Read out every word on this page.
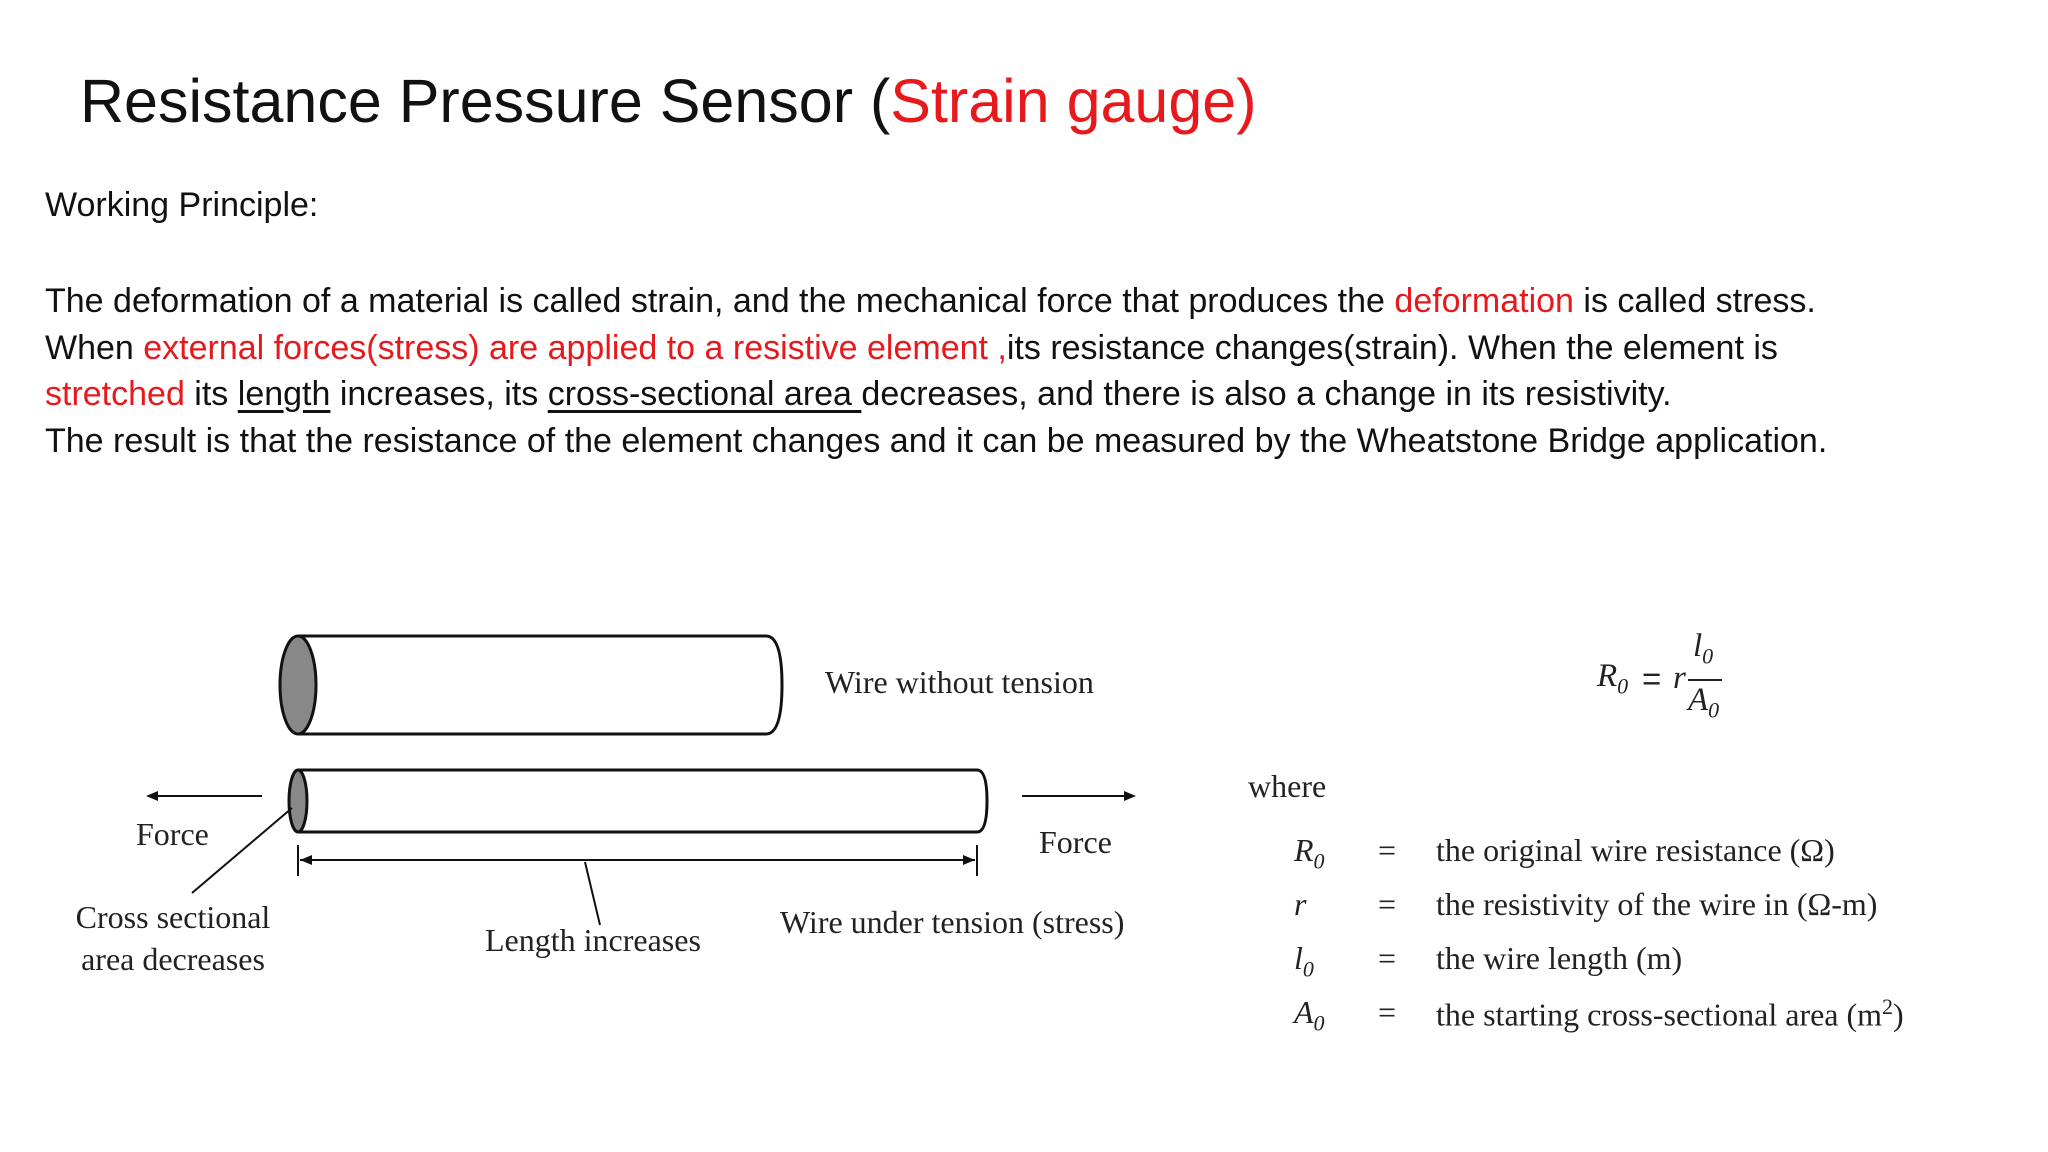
Resistance Pressure Sensor (Strain gauge)
Working Principle:
The deformation of a material is called strain, and the mechanical force that produces the deformation is called stress.
When external forces(stress) are applied to a resistive element ,its resistance changes(strain). When the element is
stretched its length increases, its cross-sectional area decreases, and there is also a change in its resistivity.
The result is that the resistance of the element changes and it can be measured by the Wheatstone Bridge application.
Wire without tension
Force	Force
Cross sectional
area decreases
Length increases Wire under tension (stress)
$R_0 = r$
$l_0$
$A_0$
where
$R_0$ = the original wire resistance (Ω)
r = the resistivity of the wire in (Ω-m)
$l_0$ = the wire length (m)
$A_0$ = the starting cross-sectional area $(m^2)$
